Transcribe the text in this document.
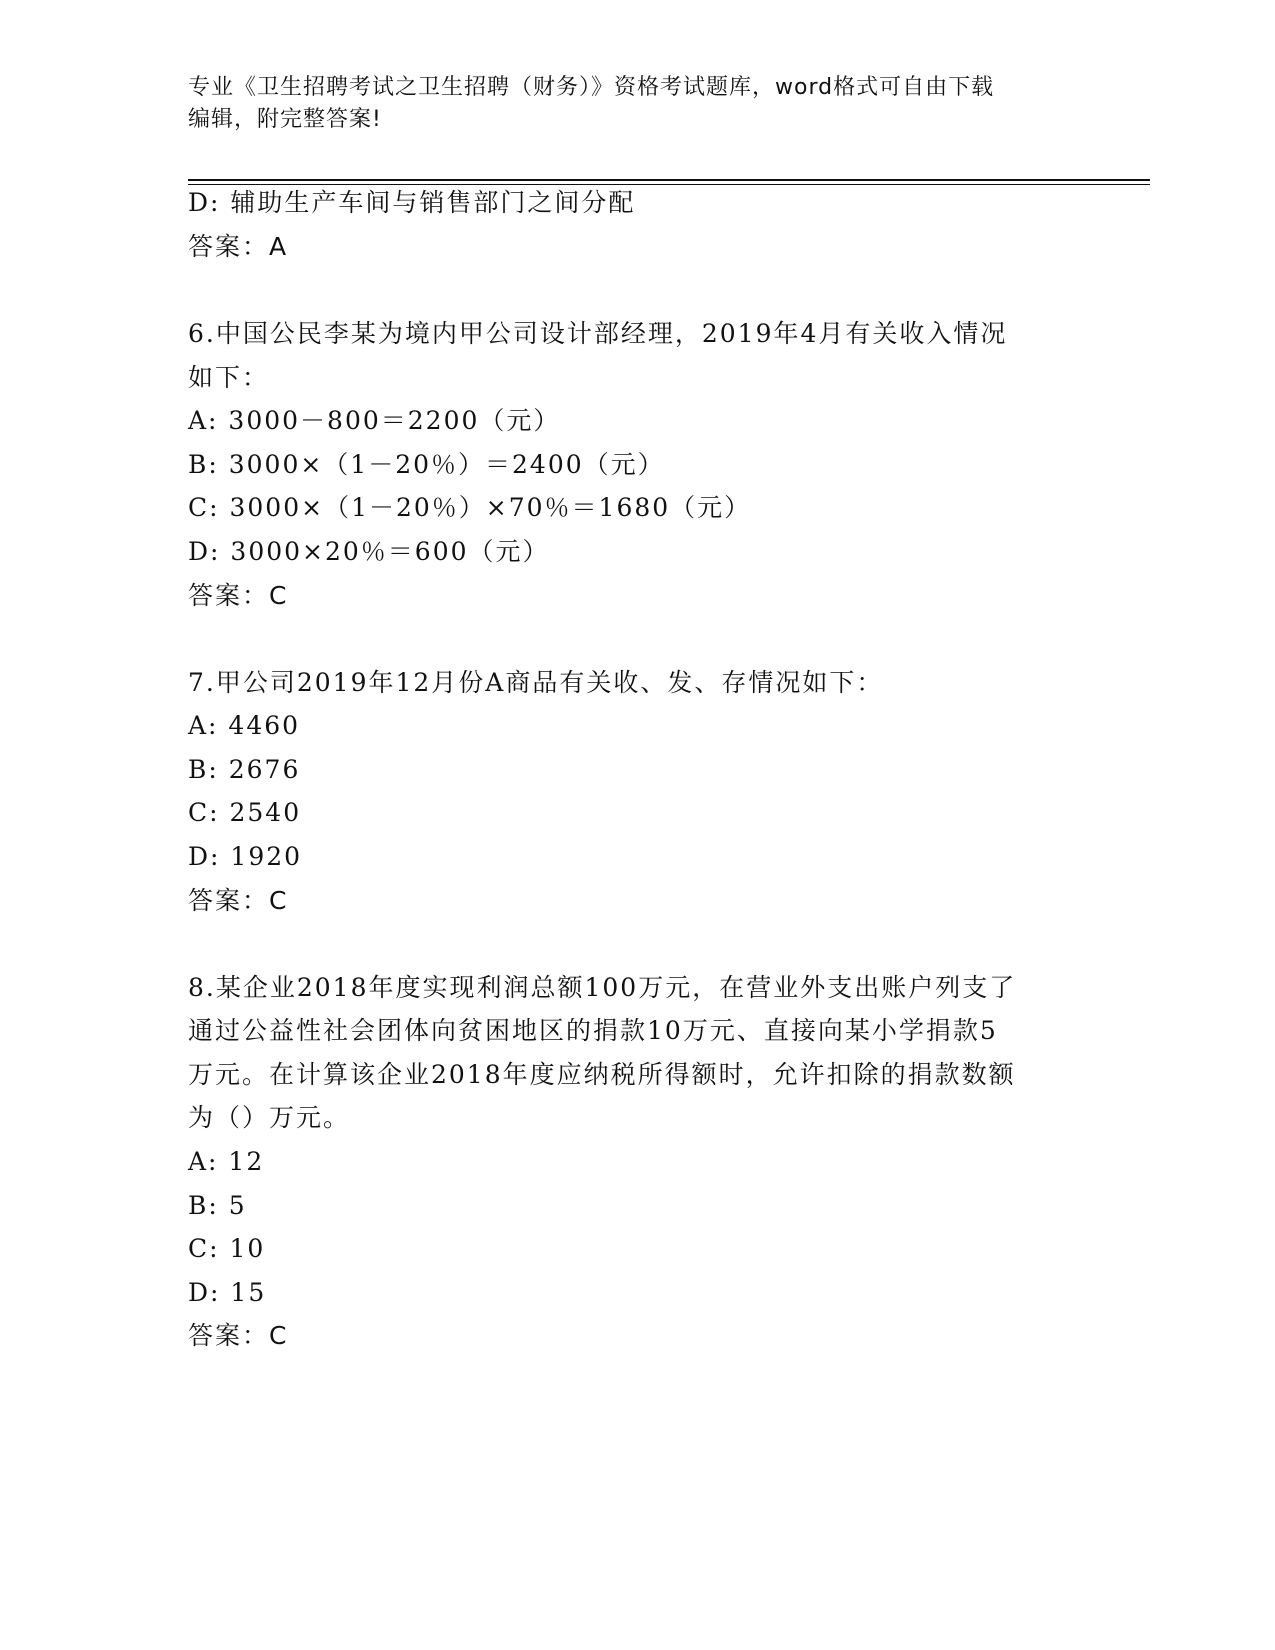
专业《卫生招聘考试之卫生招聘（财务）》资格考试题库，word格式可自由下载
编辑，附完整答案!
D: 辅助生产车间与销售部门之间分配
答案：A
6.中国公民李某为境内甲公司设计部经理，2019年4月有关收入情况
如下：
A: 3000－800＝2200（元）
B: 3000×（1－20％）＝2400（元）
C: 3000×（1－20％）×70％＝1680（元）
D: 3000×20％＝600（元）
答案：C
7.甲公司2019年12月份A商品有关收、发、存情况如下：
A: 4460
B: 2676
C: 2540
D: 1920
答案：C
8.某企业2018年度实现利润总额100万元，在营业外支出账户列支了
通过公益性社会团体向贫困地区的捐款10万元、直接向某小学捐款5
万元。在计算该企业2018年度应纳税所得额时，允许扣除的捐款数额
为（）万元。
A: 12
B: 5
C: 10
D: 15
答案：C
